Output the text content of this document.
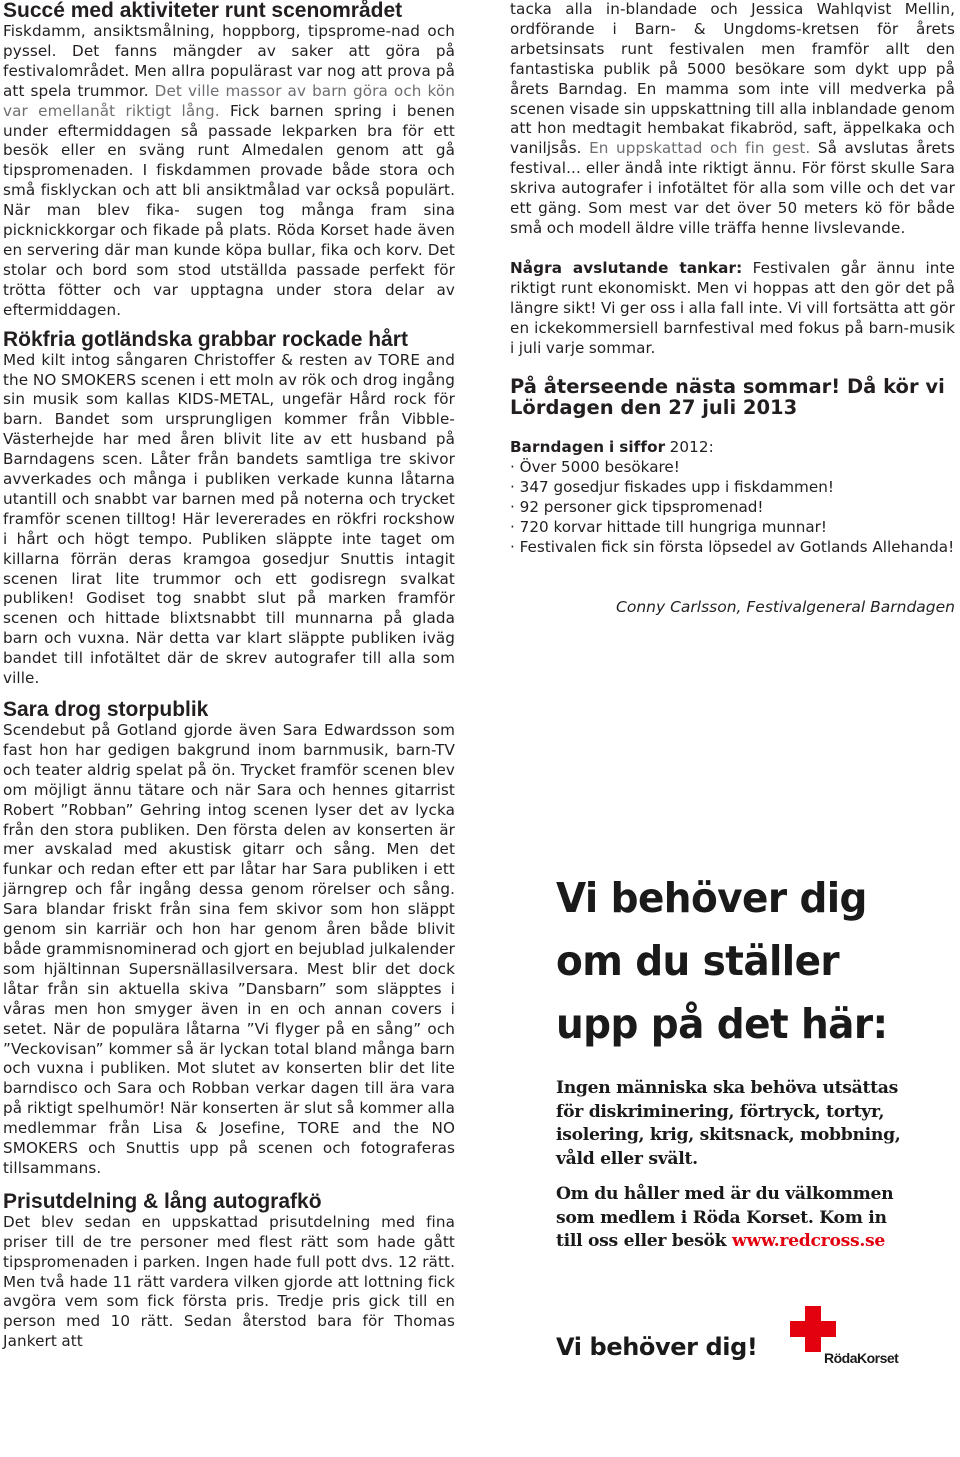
Succé med aktiviteter runt scenområdet

Fiskdamm, ansiktsmålning, hoppborg, tipsprome-nad och pyssel. Det fanns mängder av saker att göra på festivalområdet. Men allra populärast var nog att prova på att spela trummor. Det ville massor av barn göra och kön var emellanåt riktigt lång. Fick barnen spring i benen under eftermiddagen så passade lekparken bra för ett besök eller en sväng runt Almedalen genom att gå tipspromenaden. I fiskdammen provade både stora och små fisklyckan och att bli ansiktmålad var också populärt. När man blev fika- sugen tog många fram sina picknickkorgar och fikade på plats. Röda Korset hade även en servering där man kunde köpa bullar, fika och korv. Det stolar och bord som stod utställda passade perfekt för trötta fötter och var upptagna under stora delar av eftermiddagen.

Rökfria gotländska grabbar rockade hårt

Med kilt intog sångaren Christoffer & resten av TORE and the NO SMOKERS scenen i ett moln av rök och drog ingång sin musik som kallas KIDS-METAL, ungefär Hård rock för barn. Bandet som ursprungligen kommer från Vibble-Västerhejde har med åren blivit lite av ett husband på Barndagens scen. Låter från bandets samtliga tre skivor avverkades och många i publiken verkade kunna låtarna utantill och snabbt var barnen med på noterna och trycket framför scenen tilltog! Här levererades en rökfri rockshow i hårt och högt tempo. Publiken släppte inte taget om killarna förrän deras kramgoa gosedjur Snuttis intagit scenen lirat lite trummor och ett godisregn svalkat publiken! Godiset tog snabbt slut på marken framför scenen och hittade blixtsnabbt till munnarna på glada barn och vuxna. När detta var klart släppte publiken iväg bandet till infotältet där de skrev autografer till alla som ville.

Sara drog storpublik

Scendebut på Gotland gjorde även Sara Edwardsson som fast hon har gedigen bakgrund inom barnmusik, barn-TV och teater aldrig spelat på ön. Trycket framför scenen blev om möjligt ännu tätare och när Sara och hennes gitarrist Robert ”Robban” Gehring intog scenen lyser det av lycka från den stora publiken. Den första delen av konserten är mer avskalad med akustisk gitarr och sång. Men det funkar och redan efter ett par låtar har Sara publiken i ett järngrep och får ingång dessa genom rörelser och sång. Sara blandar friskt från sina fem skivor som hon släppt genom sin karriär och hon har genom åren både blivit både grammisnominerad och gjort en bejublad julkalender som hjältinnan Supersnällasilversara. Mest blir det dock låtar från sin aktuella skiva ”Dansbarn” som släpptes i våras men hon smyger även in en och annan covers i setet. När de populära låtarna ”Vi flyger på en sång” och ”Veckovisan” kommer så är lyckan total bland många barn och vuxna i publiken. Mot slutet av konserten blir det lite barndisco och Sara och Robban verkar dagen till ära vara på riktigt spelhumör! När konserten är slut så kommer alla medlemmar från Lisa & Josefine, TORE and the NO SMOKERS och Snuttis upp på scenen och fotograferas tillsammans.

Prisutdelning & lång autografkö

Det blev sedan en uppskattad prisutdelning med fina priser till de tre personer med flest rätt som hade gått tipspromenaden i parken. Ingen hade full pott dvs. 12 rätt. Men två hade 11 rätt vardera vilken gjorde att lottning fick avgöra vem som fick första pris. Tredje pris gick till en person med 10 rätt. Sedan återstod bara för Thomas Jankert att

tacka alla in-blandade och Jessica Wahlqvist Mellin, ordförande i Barn- & Ungdoms-kretsen för årets arbetsinsats runt festivalen men framför allt den fantastiska publik på 5000 besökare som dykt upp på årets Barndag. En mamma som inte vill medverka på scenen visade sin uppskattning till alla inblandade genom att hon medtagit hembakat fikabröd, saft, äppelkaka och vaniljsås. En uppskattad och fin gest. Så avslutas årets festival... eller ändå inte riktigt ännu. För först skulle Sara skriva autografer i infotältet för alla som ville och det var ett gäng. Som mest var det över 50 meters kö för både små och modell äldre ville träffa henne livslevande.

Några avslutande tankar: Festivalen går ännu inte riktigt runt ekonomiskt. Men vi hoppas att den gör det på längre sikt! Vi ger oss i alla fall inte. Vi vill fortsätta att gör en ickekommersiell barnfestival med fokus på barn-musik i juli varje sommar.

På återseende nästa sommar! Då kör vi Lördagen den 27 juli 2013

Barndagen i siffor 2012:

· Över 5000 besökare!
· 347 gosedjur fiskades upp i fiskdammen!
· 92 personer gick tipspromenad!
· 720 korvar hittade till hungriga munnar!
· Festivalen fick sin första löpsedel av Gotlands Allehanda!

Conny Carlsson, Festivalgeneral Barndagen

Vi behöver dig

om du ställer

upp på det här:

Ingen människa ska behöva utsättas för diskriminering, förtryck, tortyr, isolering, krig, skitsnack, mobbning, våld eller svält.

Om du håller med är du välkommen som medlem i Röda Korset. Kom in till oss eller besök www.redcross.se

Vi behöver dig!	RödaKorset
